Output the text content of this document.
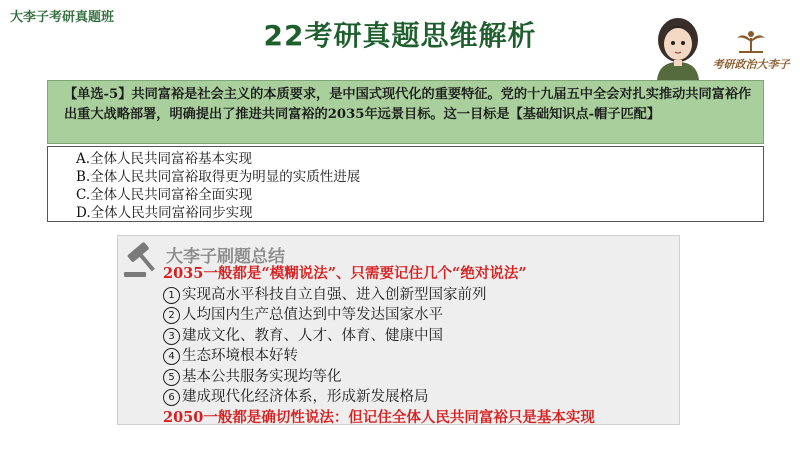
大李子考研真题班
22考研真题思维解析
考研政治大李子
【单选-5】共同富裕是社会主义的本质要求，是中国式现代化的重要特征。党的十九届五中全会对扎实推动共同富裕作出重大战略部署，明确提出了推进共同富裕的2035年远景目标。这一目标是【基础知识点-帽子匹配】
A.全体人民共同富裕基本实现
B.全体人民共同富裕取得更为明显的实质性进展
C.全体人民共同富裕全面实现
D.全体人民共同富裕同步实现
大李子刷题总结
2035一般都是“模糊说法”、只需要记住几个“绝对说法”
1 实现高水平科技自立自强、进入创新型国家前列
2 人均国内生产总值达到中等发达国家水平
3 建成文化、教育、人才、体育、健康中国
4 生态环境根本好转
5 基本公共服务实现均等化
6 建成现代化经济体系，形成新发展格局
2050一般都是确切性说法：但记住全体人民共同富裕只是基本实现
